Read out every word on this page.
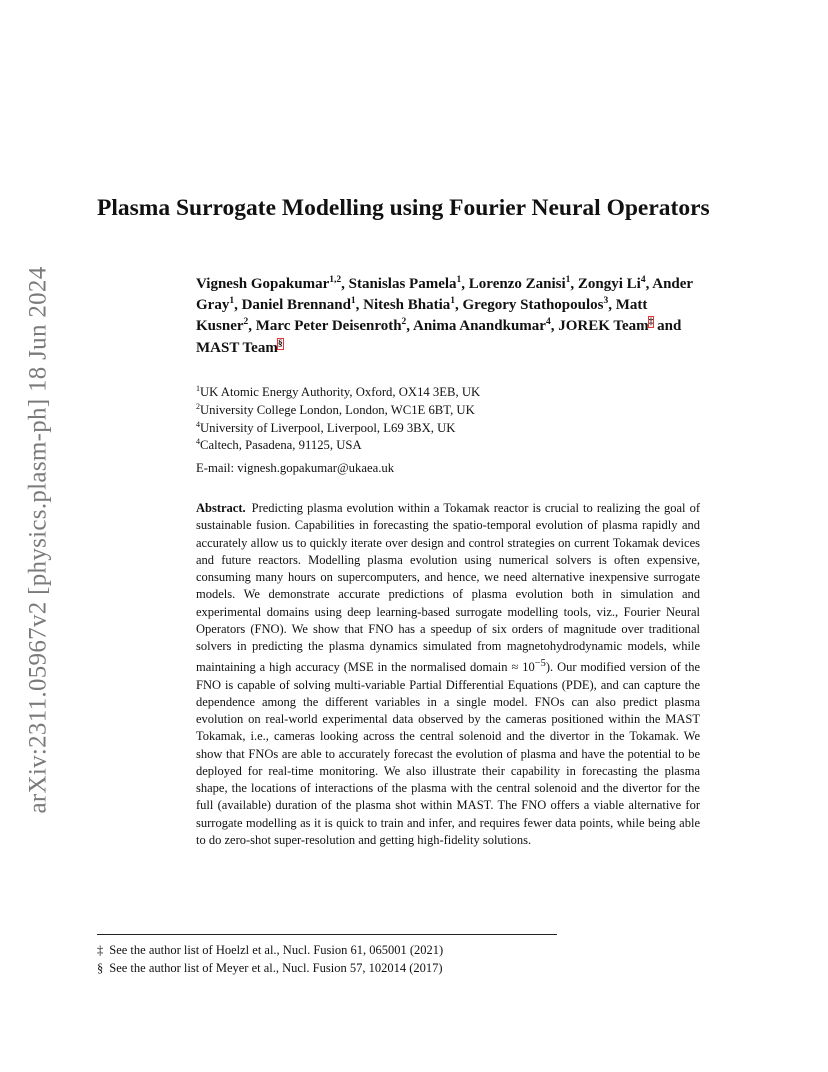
arXiv:2311.05967v2 [physics.plasm-ph] 18 Jun 2024
Plasma Surrogate Modelling using Fourier Neural Operators
Vignesh Gopakumar$^{1,2}$, Stanislas Pamela$^1$, Lorenzo Zanisi$^1$, Zongyi Li$^4$, Ander Gray$^1$, Daniel Brennand$^1$, Nitesh Bhatia$^1$, Gregory Stathopoulos$^3$, Matt Kusner$^2$, Marc Peter Deisenroth$^2$, Anima Anandkumar$^4$, JOREK Team‡ and MAST Team§
$^1$UK Atomic Energy Authority, Oxford, OX14 3EB, UK
$^2$University College London, London, WC1E 6BT, UK
$^4$University of Liverpool, Liverpool, L69 3BX, UK
$^4$Caltech, Pasadena, 91125, USA
E-mail: vignesh.gopakumar@ukaea.uk

Abstract. Predicting plasma evolution within a Tokamak reactor is crucial to realizing the goal of sustainable fusion. Capabilities in forecasting the spatio-temporal evolution of plasma rapidly and accurately allow us to quickly iterate over design and control strategies on current Tokamak devices and future reactors. Modelling plasma evolution using numerical solvers is often expensive, consuming many hours on supercomputers, and hence, we need alternative inexpensive surrogate models. We demonstrate accurate predictions of plasma evolution both in simulation and experimental domains using deep learning-based surrogate modelling tools, viz., Fourier Neural Operators (FNO). We show that FNO has a speedup of six orders of magnitude over traditional solvers in predicting the plasma dynamics simulated from magnetohydrodynamic models, while maintaining a high accuracy (MSE in the normalised domain ≈ $10^{-5}$). Our modified version of the FNO is capable of solving multi-variable Partial Differential Equations (PDE), and can capture the dependence among the different variables in a single model. FNOs can also predict plasma evolution on real-world experimental data observed by the cameras positioned within the MAST Tokamak, i.e., cameras looking across the central solenoid and the divertor in the Tokamak. We show that FNOs are able to accurately forecast the evolution of plasma and have the potential to be deployed for real-time monitoring. We also illustrate their capability in forecasting the plasma shape, the locations of interactions of the plasma with the central solenoid and the divertor for the full (available) duration of the plasma shot within MAST. The FNO offers a viable alternative for surrogate modelling as it is quick to train and infer, and requires fewer data points, while being able to do zero-shot super-resolution and getting high-fidelity solutions.

‡ See the author list of Hoelzl et al., Nucl. Fusion 61, 065001 (2021)
§ See the author list of Meyer et al., Nucl. Fusion 57, 102014 (2017)
